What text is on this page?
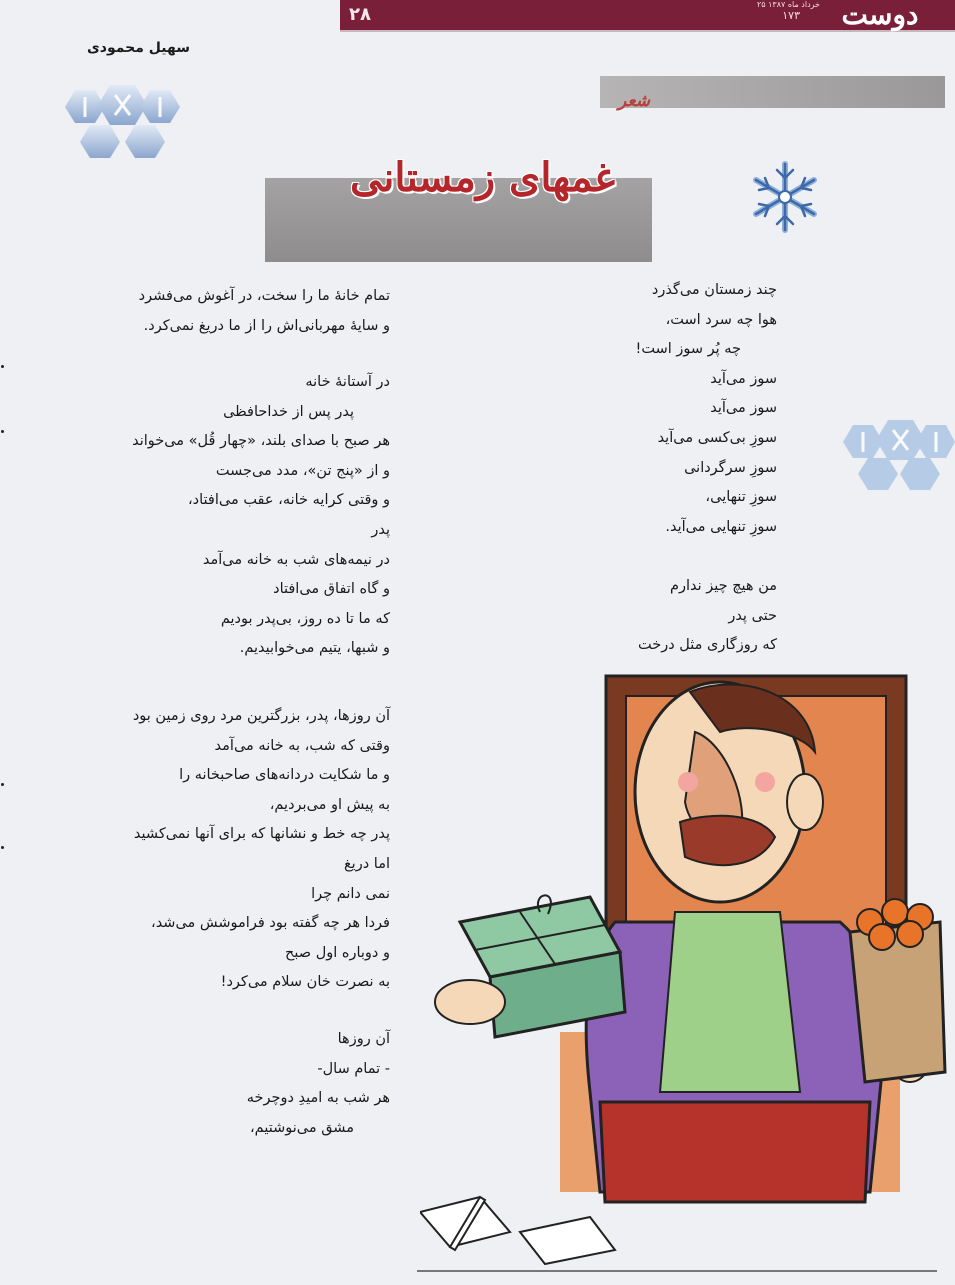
۲۸	۲۵ خرداد ماه ۱۳۸۷
۱۷۳	دوست
سهیل محمودی
شعر
غمهای زمستانی
چند زمستان می‌گذرد
هوا چه سرد است،
چه پُر سوز است!
سوز می‌آید
سوز می‌آید
سوزِ بی‌کسی می‌آید
سوزِ سرگردانی
سوزِ تنهایی،
سوزِ تنهایی می‌آید.

من هیچ چیز ندارم
حتی پدر
که روزگاری مثل درخت
تمام خانهٔ ما را سخت، در آغوش می‌فشرد
و سایهٔ مهربانی‌اش را از ما دریغ نمی‌کرد.
در آستانهٔ خانه
پدر پس از خداحافظی
هر صبح با صدای بلند، «چهار قُل» می‌خواند
و از «پنج تن»، مدد می‌جست
و وقتی کرایه خانه، عقب می‌افتاد،
پدر
در نیمه‌های شب به خانه می‌آمد
و گاه اتفاق می‌افتاد
که ما تا ده روز، بی‌پدر بودیم
و شبها، یتیم می‌خوابیدیم.
آن روزها، پدر، بزرگترین مرد روی زمین بود
وقتی که شب، به خانه می‌آمد
و ما شکایت دردانه‌های صاحبخانه را
به پیش او می‌بردیم،
پدر چه خط و نشانها که برای آنها نمی‌کشید
اما دریغ
نمی دانم چرا
فردا هر چه گفته بود فراموشش می‌شد،
و دوباره اول صبح
به نصرت خان سلام می‌کرد!
آن روزها
- تمام سال-
هر شب به امیدِ دوچرخه
مشق می‌نوشتیم،
